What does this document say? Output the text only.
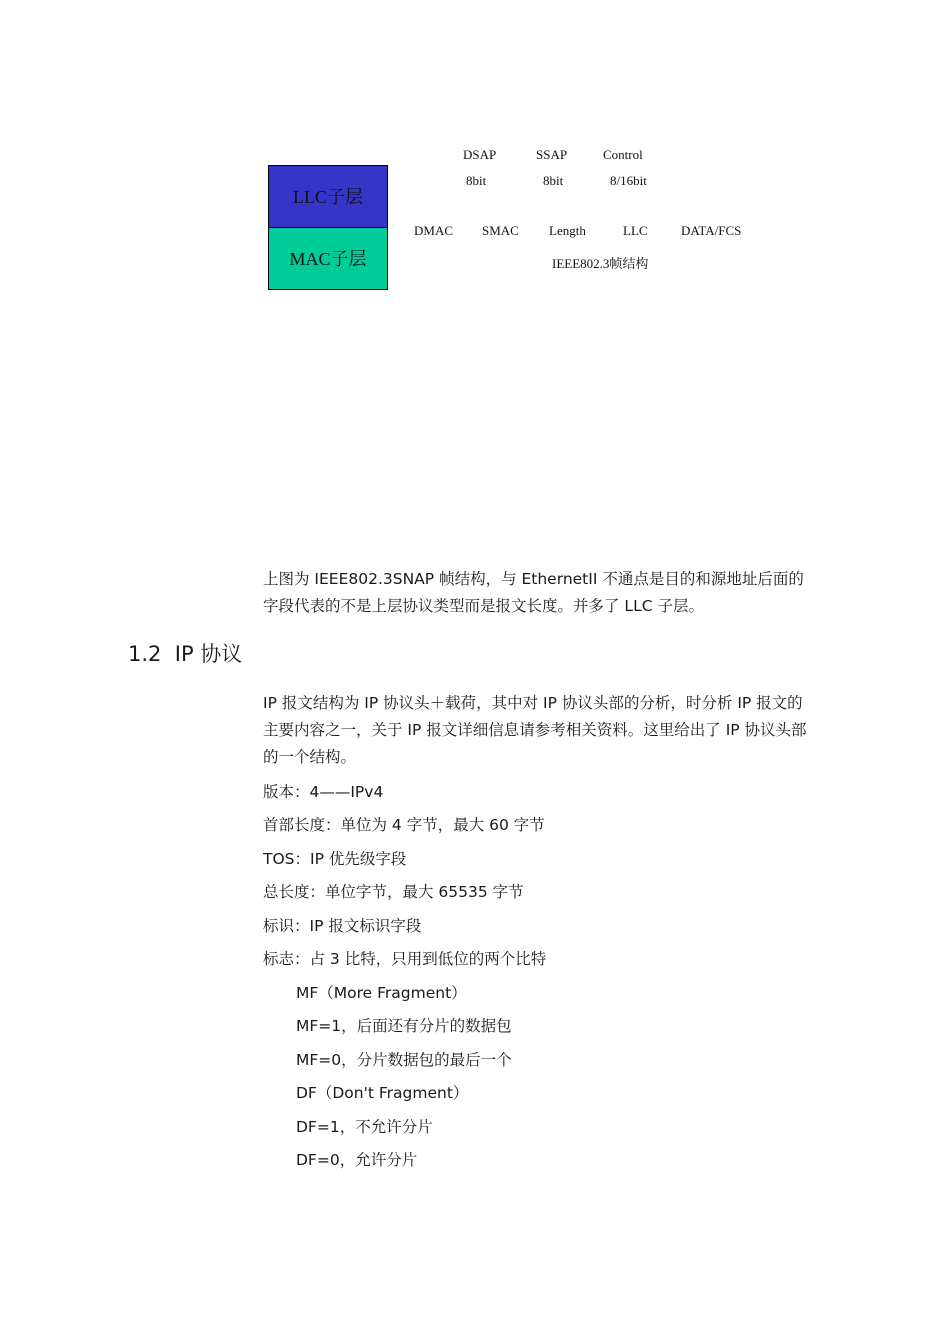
LLC子层
MAC子层
DSAP	SSAP	Control
8bit	8bit	8/16bit
DMAC SMAC Length	LLC	DATA/FCS
IEEE802.3帧结构
上图为 IEEE802.3SNAP 帧结构，与 EthernetII 不通点是目的和源地址后面的字段代表的不是上层协议类型而是报文长度。并多了 LLC 子层。
1.2 IP 协议
IP 报文结构为 IP 协议头＋载荷，其中对 IP 协议头部的分析，时分析 IP 报文的主要内容之一，关于 IP 报文详细信息请参考相关资料。这里给出了 IP 协议头部的一个结构。
版本：4——IPv4
首部长度：单位为 4 字节，最大 60 字节
TOS：IP 优先级字段
总长度：单位字节，最大 65535 字节
标识：IP 报文标识字段
标志：占 3 比特，只用到低位的两个比特
MF（More Fragment）
MF=1，后面还有分片的数据包
MF=0，分片数据包的最后一个
DF（Don't Fragment）
DF=1，不允许分片
DF=0，允许分片
